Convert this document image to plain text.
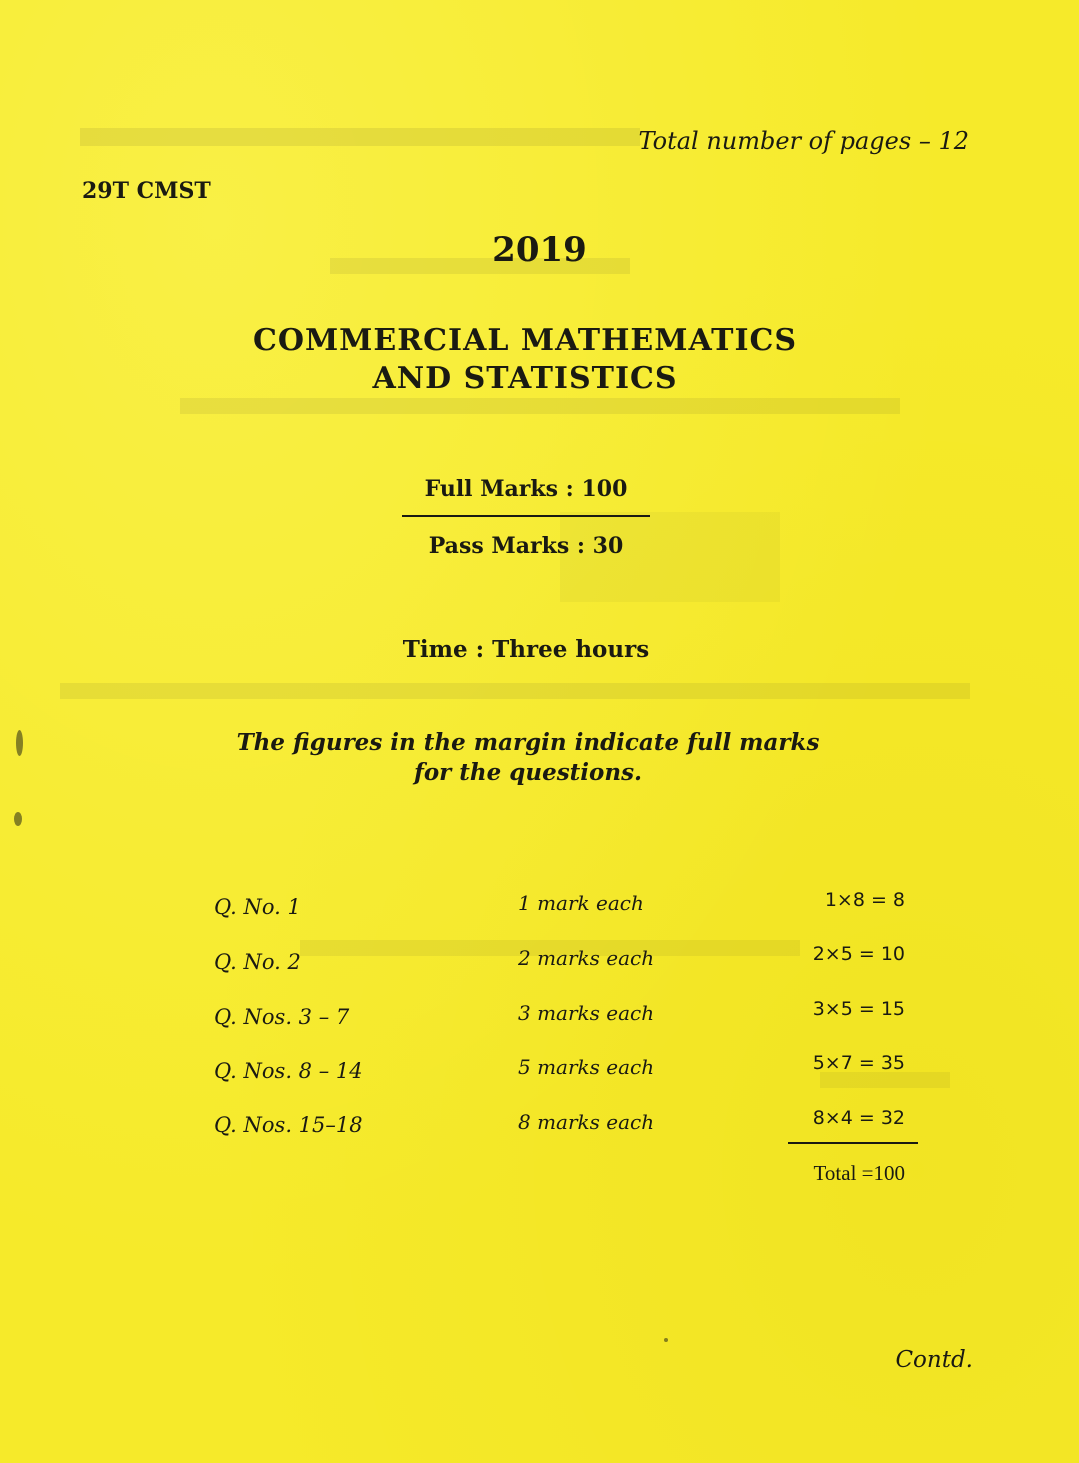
Total number of pages – 12
29T CMST
2019
COMMERCIAL MATHEMATICS
AND STATISTICS
Full Marks : 100
Pass Marks : 30
Time : Three hours
The figures in the margin indicate full marks
for the questions.
Q. No. 1	1 mark each	1×8 = 8
Q. No. 2	2 marks each	2×5 = 10
Q. Nos. 3 – 7	3 marks each	3×5 = 15
Q. Nos. 8 – 14	5 marks each	5×7 = 35
Q. Nos. 15–18	8 marks each	8×4 = 32
Total =100
Contd.
